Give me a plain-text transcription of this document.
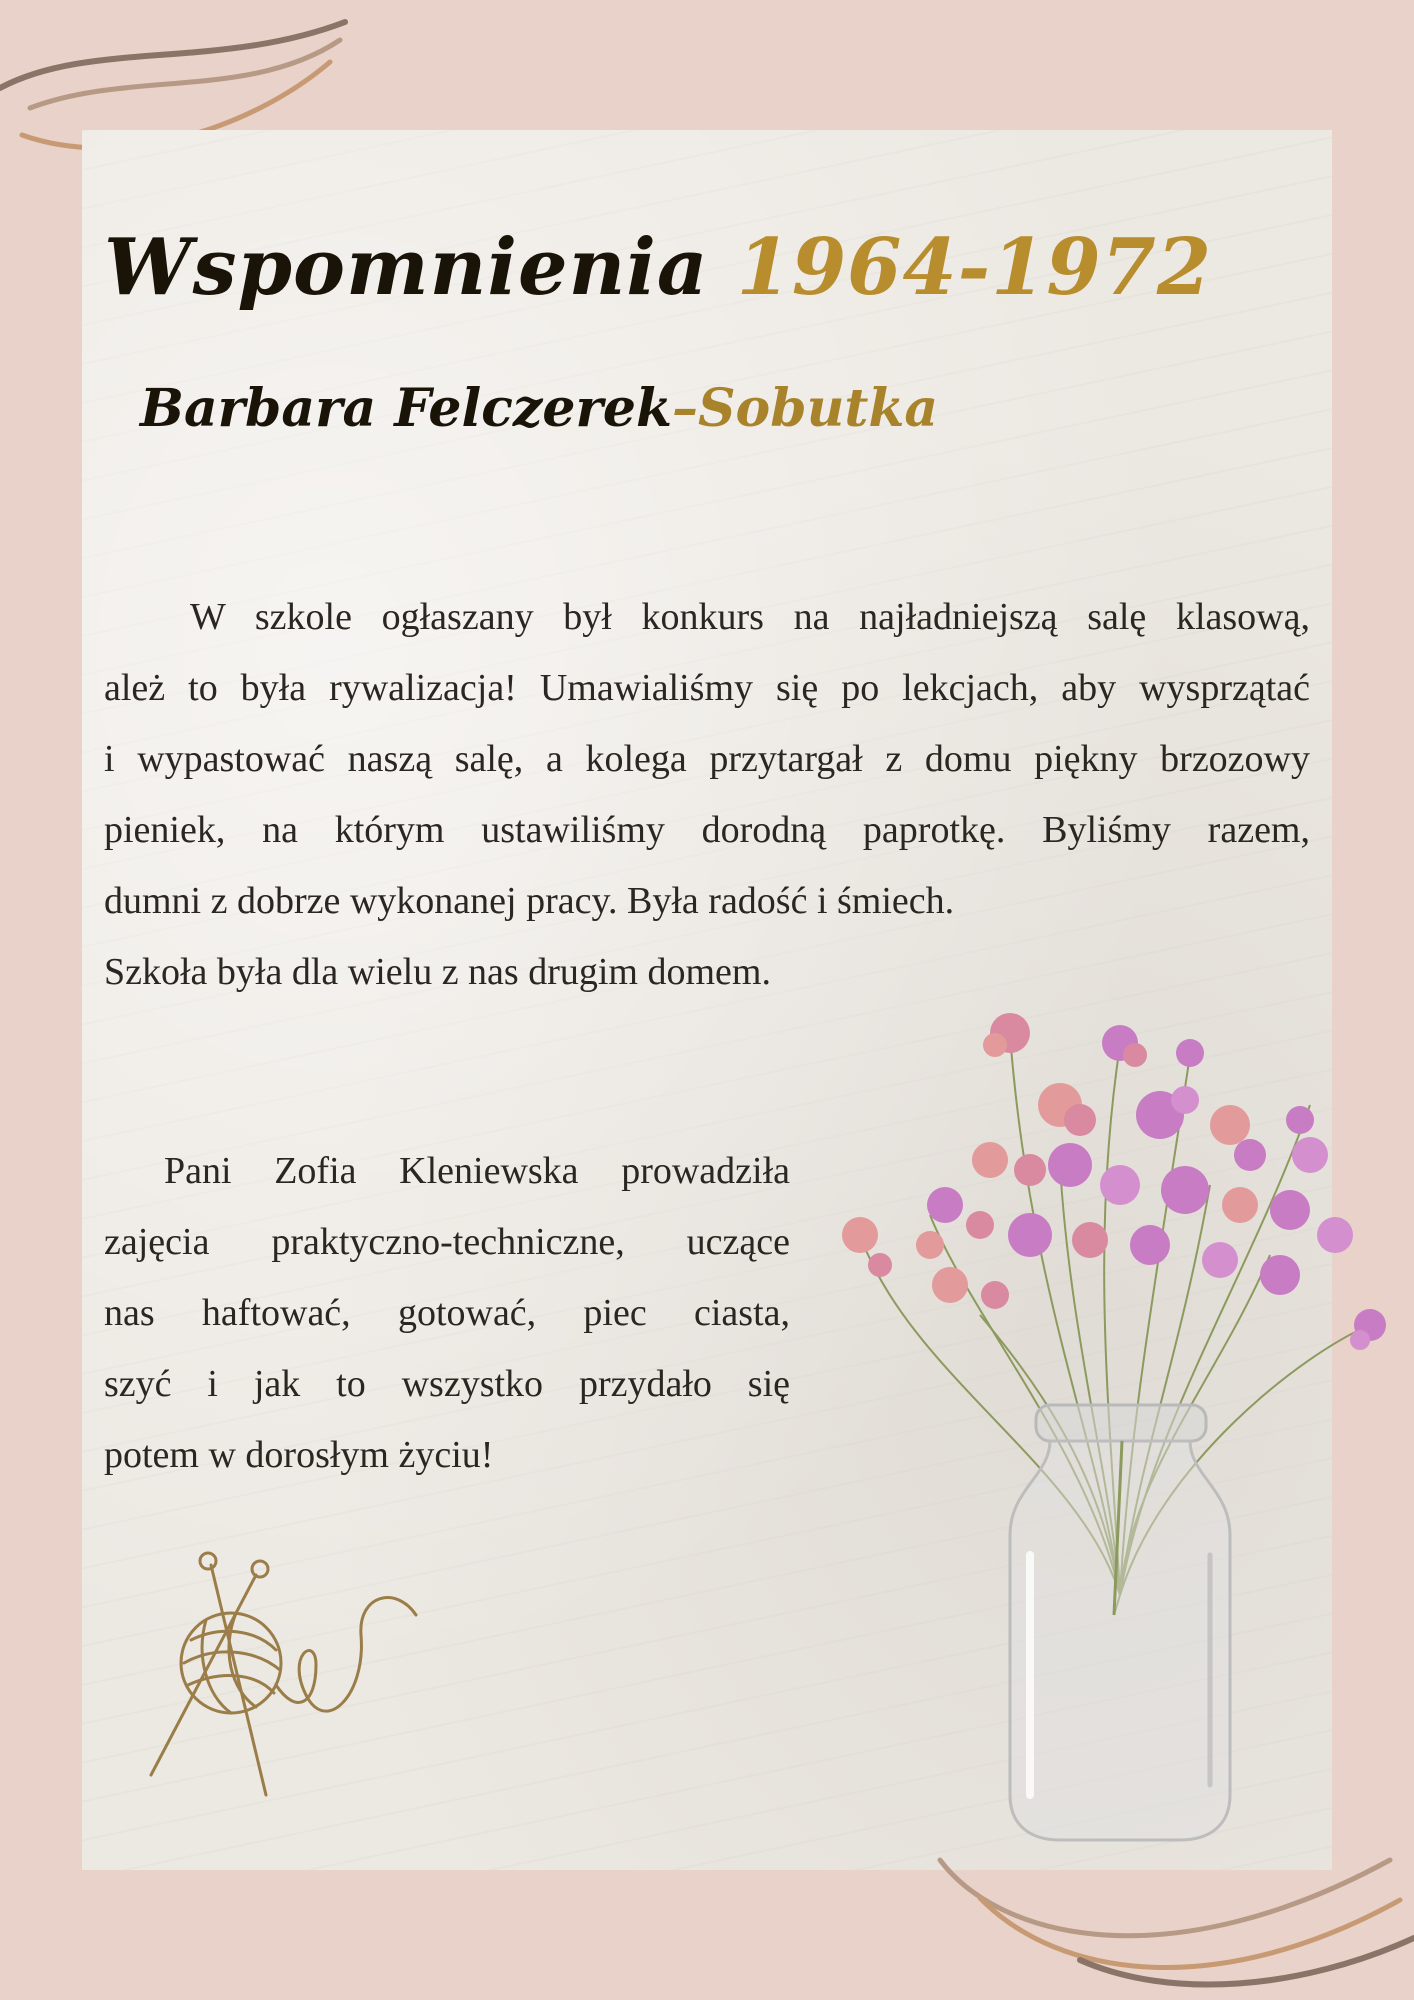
Wspomnienia 1964-1972
Barbara Felczerek–Sobutka
W szkole ogłaszany był konkurs na najładniejszą salę klasową,
ależ to była rywalizacja! Umawialiśmy się po lekcjach, aby wysprzątać
i wypastować naszą salę, a kolega przytargał z domu piękny brzozowy
pieniek, na którym ustawiliśmy dorodną paprotkę. Byliśmy razem,
dumni z dobrze wykonanej pracy. Była radość i śmiech.
Szkoła była dla wielu z nas drugim domem.
Pani Zofia Kleniewska prowadziła
zajęcia praktyczno-techniczne, uczące
nas haftować, gotować, piec ciasta,
szyć i jak to wszystko przydało się
potem w dorosłym życiu!
